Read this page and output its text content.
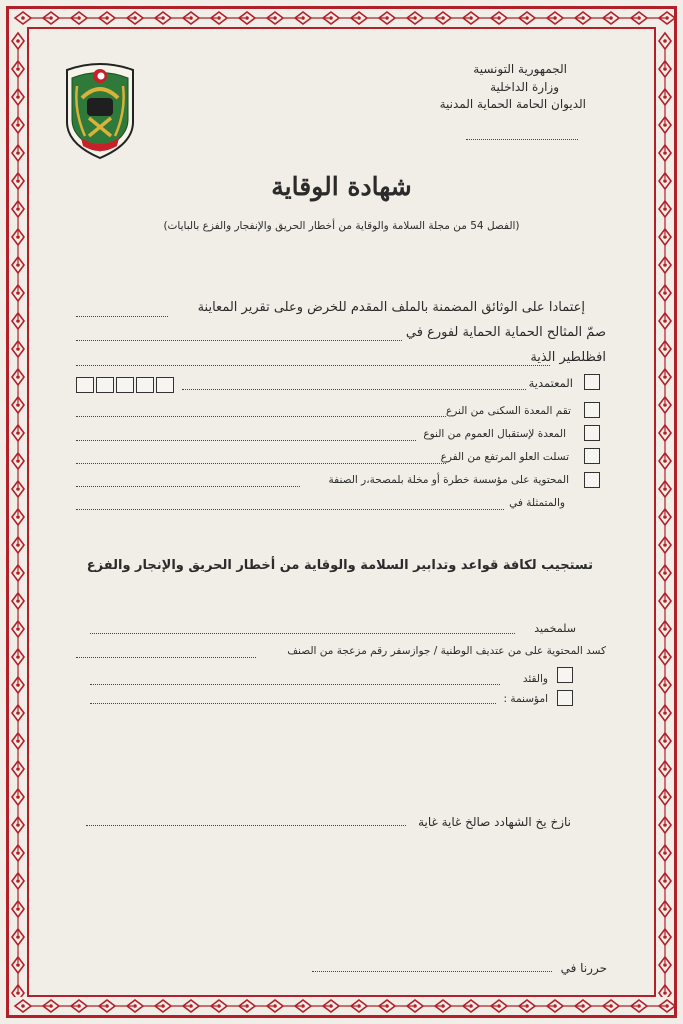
الجمهورية التونسية
وزارة الداخلية
الديوان الحامة الحماية المدنية
شهادة الوقاية
(الفصل 54 من مجلة السلامة والوقاية من أخطار الحريق والإنفجار والفزع بالبايات)
إعتمادا على الوثائق المضمنة بالملف المقدم للخرض وعلى تقرير المعاينة
صمّ المثالح الحماية الحماية لفورع في
افظلطير الذية
المعتمدية
تقم المعدة السكنى من النرع
المعدة لإستقبال العموم من النوع
تسلت العلو المرتفع من الفرع
المحتوية على مؤسسة خطرة أو مخلة بلمصحة،ر الصنفة
والمتمثلة في
تستجيب لكافة قواعد وتدابير السلامة والوقاية من أخطار الحريق والإنجار والفزع
سلمخميد
كسد المحتوية على من عتديف الوطنية / جوازسفر رقم مزعجة من الصنف
والقئد
امؤسنمة :
نازخ يخ الشهادد صالخ غاية غاية
حررنا في
